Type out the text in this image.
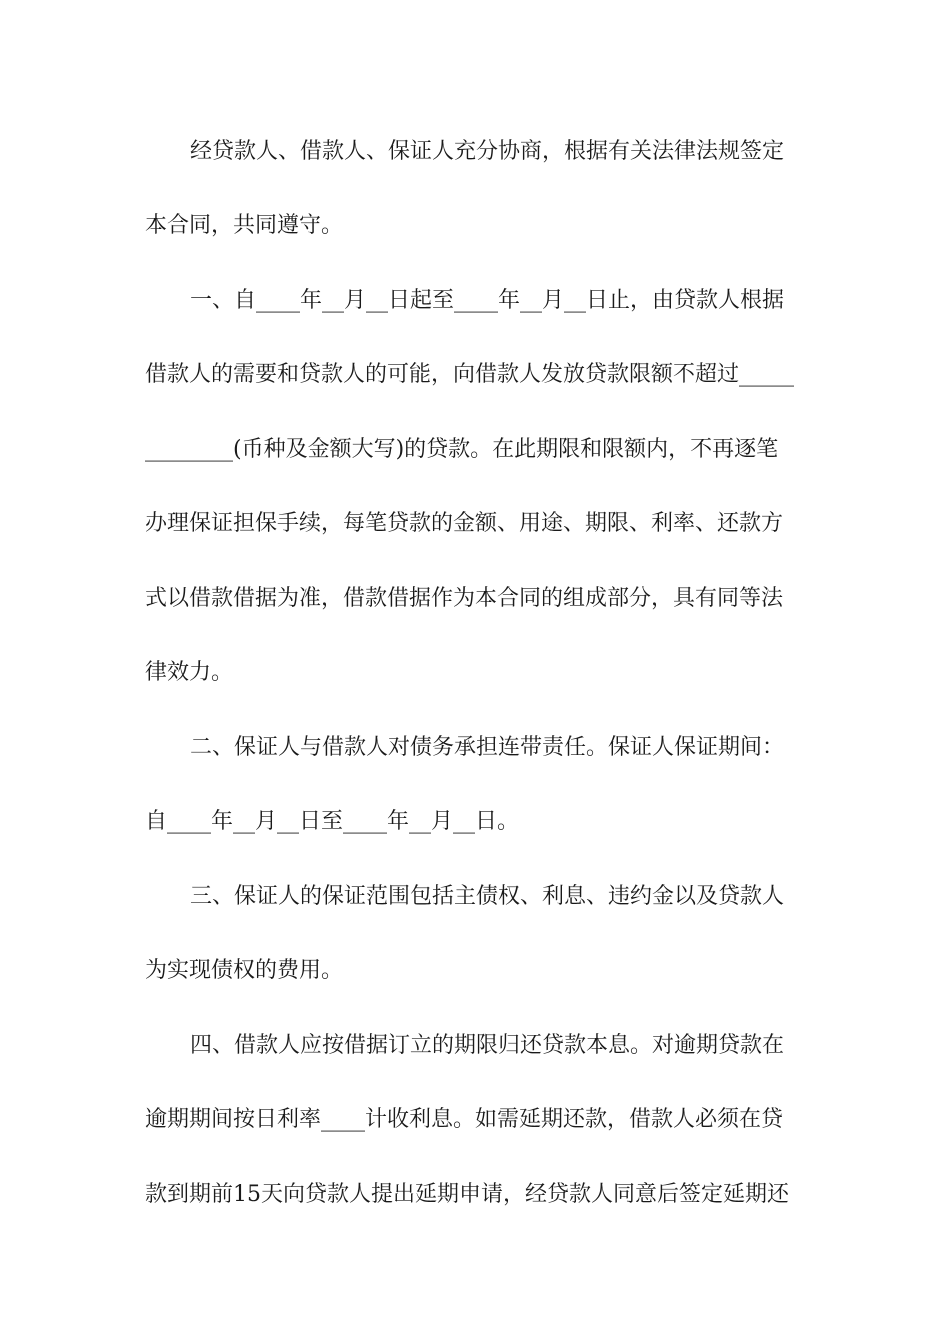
经贷款人、借款人、保证人充分协商，根据有关法律法规签定
本合同，共同遵守。
一、自____年__月__日起至____年__月__日止，由贷款人根据
借款人的需要和贷款人的可能，向借款人发放贷款限额不超过_____
________(币种及金额大写)的贷款。在此期限和限额内，不再逐笔
办理保证担保手续，每笔贷款的金额、用途、期限、利率、还款方
式以借款借据为准，借款借据作为本合同的组成部分，具有同等法
律效力。
二、保证人与借款人对债务承担连带责任。保证人保证期间：
自____年__月__日至____年__月__日。
三、保证人的保证范围包括主债权、利息、违约金以及贷款人
为实现债权的费用。
四、借款人应按借据订立的期限归还贷款本息。对逾期贷款在
逾期期间按日利率____计收利息。如需延期还款，借款人必须在贷
款到期前15天向贷款人提出延期申请，经贷款人同意后签定延期还
